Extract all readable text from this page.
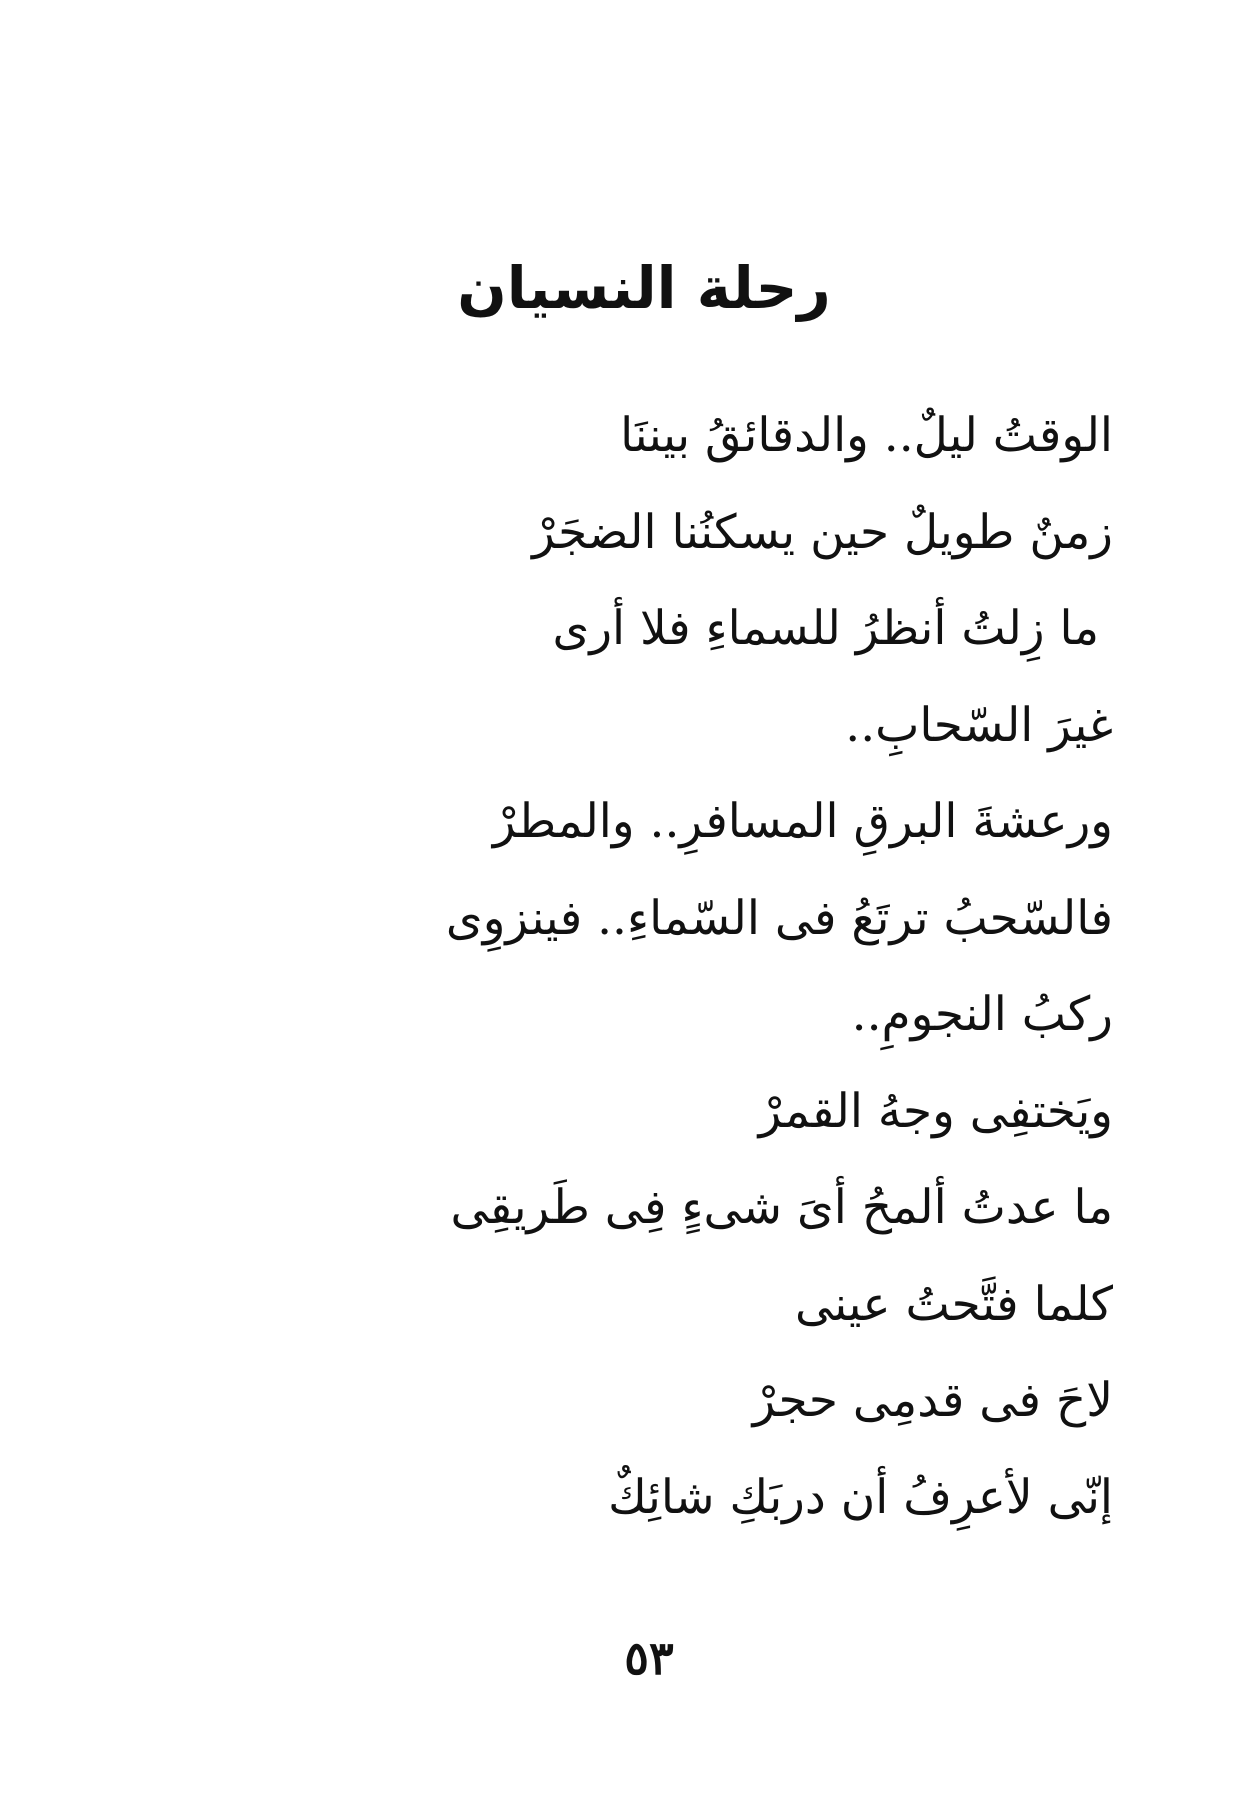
رحلة النسيان
الوقتُ ليلٌ.. والدقائقُ بيننَا
زمنٌ طويلٌ حين يسكنُنا الضجَرْ
ما زِلتُ أنظرُ للسماءِ فلا أرى
غيرَ السّحابِ..
ورعشةَ البرقِ المسافرِ.. والمطرْ
فالسّحبُ ترتَعُ فى السّماءِ.. فينزوِى
ركبُ النجومِ..
ويَختفِى وجهُ القمرْ
ما عدتُ ألمحُ أىَ شىءٍ فِى طَريقِى
كلما فتَّحتُ عينى
لاحَ فى قدمِى حجرْ
إنّى لأعرِفُ أن دربَكِ شائِكٌ
٥٣
